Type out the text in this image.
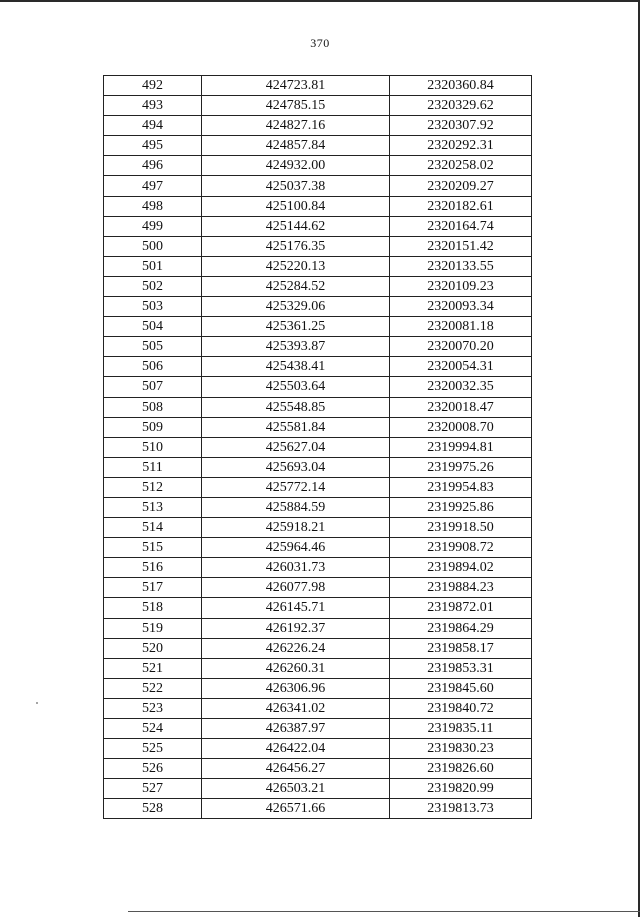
370
492	424723.81	2320360.84
493	424785.15	2320329.62
494	424827.16	2320307.92
495	424857.84	2320292.31
496	424932.00	2320258.02
497	425037.38	2320209.27
498	425100.84	2320182.61
499	425144.62	2320164.74
500	425176.35	2320151.42
501	425220.13	2320133.55
502	425284.52	2320109.23
503	425329.06	2320093.34
504	425361.25	2320081.18
505	425393.87	2320070.20
506	425438.41	2320054.31
507	425503.64	2320032.35
508	425548.85	2320018.47
509	425581.84	2320008.70
510	425627.04	2319994.81
511	425693.04	2319975.26
512	425772.14	2319954.83
513	425884.59	2319925.86
514	425918.21	2319918.50
515	425964.46	2319908.72
516	426031.73	2319894.02
517	426077.98	2319884.23
518	426145.71	2319872.01
519	426192.37	2319864.29
520	426226.24	2319858.17
521	426260.31	2319853.31
522	426306.96	2319845.60
523	426341.02	2319840.72
524	426387.97	2319835.11
525	426422.04	2319830.23
526	426456.27	2319826.60
527	426503.21	2319820.99
528	426571.66	2319813.73
